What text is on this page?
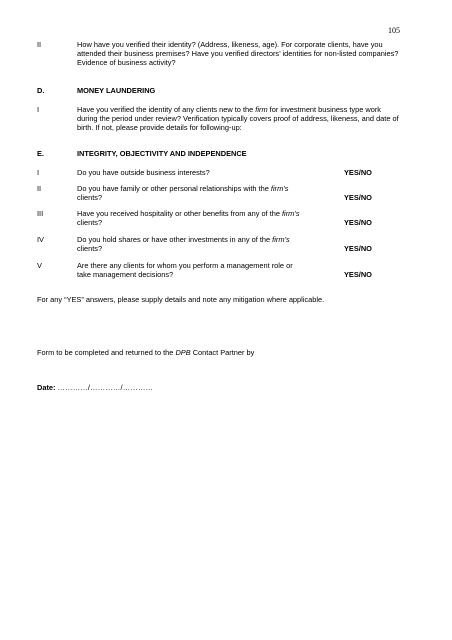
105
II	How have you verified their identity? (Address, likeness, age). For corporate clients, have you
attended their business premises? Have you verified directors’ identities for non-listed companies?
Evidence of business activity?
D.	MONEY LAUNDERING
I	Have you verified the identity of any clients new to the firm for investment business type work
during the period under review? Verification typically covers proof of address, likeness, and date of
birth. If not, please provide details for following-up:
E.	INTEGRITY, OBJECTIVITY AND INDEPENDENCE
I	Do you have outside business interests?	YES/NO
II	Do you have family or other personal relationships with the firm’s
clients?	YES/NO
III	Have you received hospitality or other benefits from any of the firm’s
clients?	YES/NO
IV	Do you hold shares or have other investments in any of the firm’s
clients?	YES/NO
V	Are there any clients for whom you perform a management role or
take management decisions?	YES/NO
For any “YES” answers, please supply details and note any mitigation where applicable.
Form to be completed and returned to the DPB Contact Partner by
Date: …………/…………/…………
